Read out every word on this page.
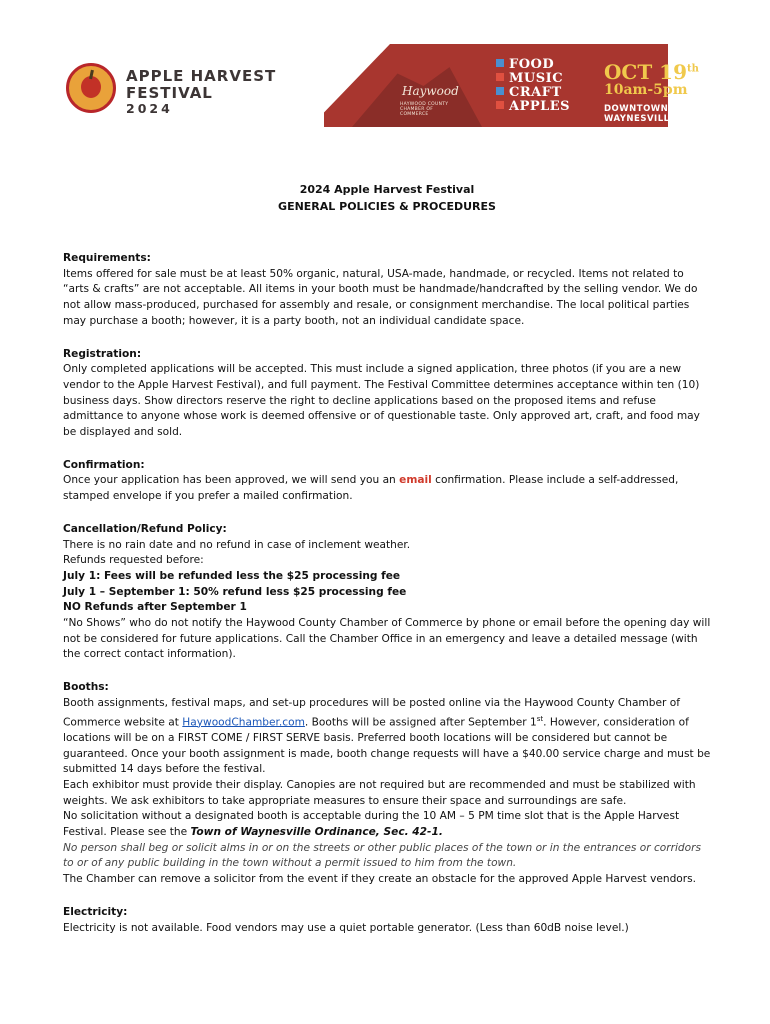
APPLE HARVEST
FESTIVAL
2024
Haywood
HAYWOOD COUNTY CHAMBER OF COMMERCE
FOOD
MUSIC
CRAFT
APPLES
OCT 19th
10am-5pm
DOWNTOWN
WAYNESVILLE
2024 Apple Harvest Festival
GENERAL POLICIES & PROCEDURES

Requirements:

Items offered for sale must be at least 50% organic, natural, USA-made, handmade, or recycled. Items not related to “arts & crafts” are not acceptable. All items in your booth must be handmade/handcrafted by the selling vendor. We do not allow mass-produced, purchased for assembly and resale, or consignment merchandise. The local political parties may purchase a booth; however, it is a party booth, not an individual candidate space.

Registration:

Only completed applications will be accepted. This must include a signed application, three photos (if you are a new vendor to the Apple Harvest Festival), and full payment. The Festival Committee determines acceptance within ten (10) business days. Show directors reserve the right to decline applications based on the proposed items and refuse admittance to anyone whose work is deemed offensive or of questionable taste. Only approved art, craft, and food may be displayed and sold.

Confirmation:

Once your application has been approved, we will send you an email confirmation. Please include a self-addressed, stamped envelope if you prefer a mailed confirmation.

Cancellation/Refund Policy:

There is no rain date and no refund in case of inclement weather.

Refunds requested before:

July 1: Fees will be refunded less the $25 processing fee

July 1 – September 1: 50% refund less $25 processing fee

NO Refunds after September 1

“No Shows” who do not notify the Haywood County Chamber of Commerce by phone or email before the opening day will not be considered for future applications. Call the Chamber Office in an emergency and leave a detailed message (with the correct contact information).

Booths:

Booth assignments, festival maps, and set-up procedures will be posted online via the Haywood County Chamber of Commerce website at HaywoodChamber.com. Booths will be assigned after September 1st. However, consideration of locations will be on a FIRST COME / FIRST SERVE basis. Preferred booth locations will be considered but cannot be guaranteed. Once your booth assignment is made, booth change requests will have a $40.00 service charge and must be submitted 14 days before the festival.

Each exhibitor must provide their display. Canopies are not required but are recommended and must be stabilized with weights. We ask exhibitors to take appropriate measures to ensure their space and surroundings are safe.

No solicitation without a designated booth is acceptable during the 10 AM – 5 PM time slot that is the Apple Harvest Festival. Please see the Town of Waynesville Ordinance, Sec. 42-1.

No person shall beg or solicit alms in or on the streets or other public places of the town or in the entrances or corridors to or of any public building in the town without a permit issued to him from the town.

The Chamber can remove a solicitor from the event if they create an obstacle for the approved Apple Harvest vendors.

Electricity:

Electricity is not available. Food vendors may use a quiet portable generator. (Less than 60dB noise level.)
